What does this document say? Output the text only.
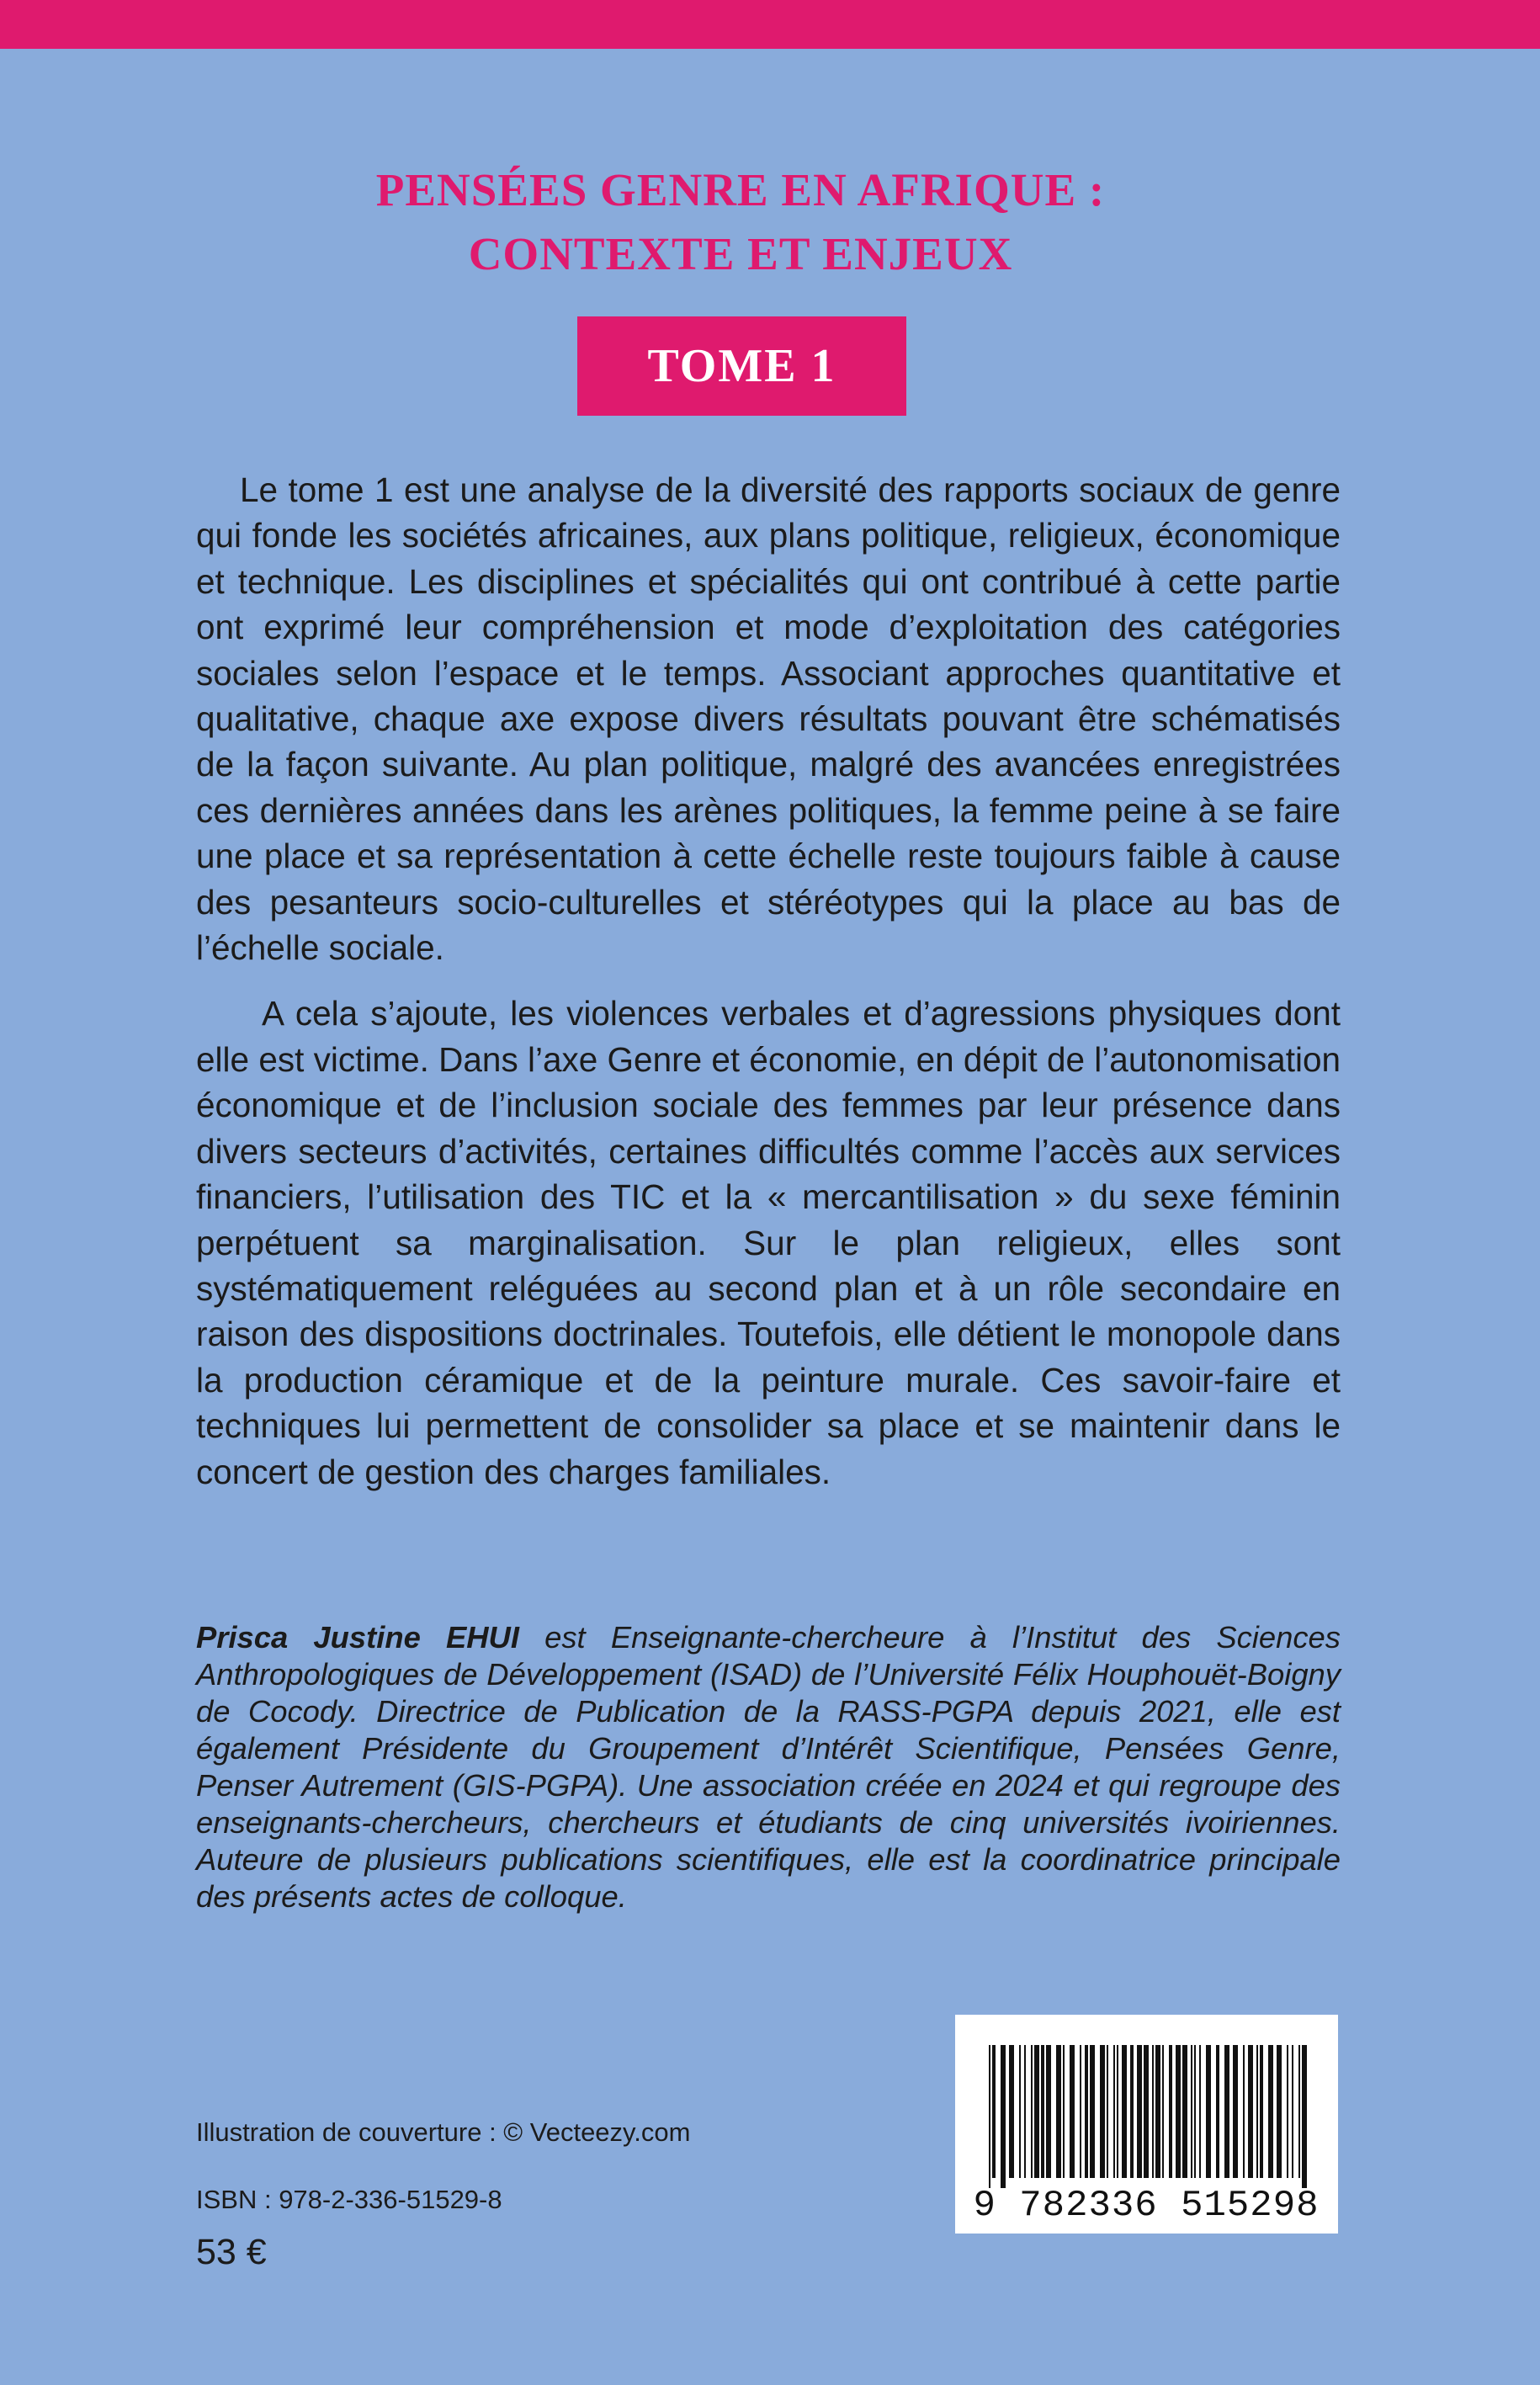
PENSÉES GENRE EN AFRIQUE :
CONTEXTE ET ENJEUX
TOME 1

Le tome 1 est une analyse de la diversité des rapports sociaux de genre qui fonde les sociétés africaines, aux plans politique, religieux, économique et technique. Les disciplines et spécialités qui ont contribué à cette partie ont exprimé leur compréhension et mode d’exploitation des catégories sociales selon l’espace et le temps. Associant approches quantitative et qualitative, chaque axe expose divers résultats pouvant être schématisés de la façon suivante. Au plan politique, malgré des avancées enregistrées ces dernières années dans les arènes politiques, la femme peine à se faire une place et sa représentation à cette échelle reste toujours faible à cause des pesanteurs socio-culturelles et stéréotypes qui la place au bas de l’échelle sociale.

A cela s’ajoute, les violences verbales et d’agressions physiques dont elle est victime. Dans l’axe Genre et économie, en dépit de l’autonomisation économique et de l’inclusion sociale des femmes par leur présence dans divers secteurs d’activités, certaines difficultés comme l’accès aux services financiers, l’utilisation des TIC et la « mercantilisation » du sexe féminin perpétuent sa marginalisation. Sur le plan religieux, elles sont systématiquement reléguées au second plan et à un rôle secondaire en raison des dispositions doctrinales. Toutefois, elle détient le monopole dans la production céramique et de la peinture murale. Ces savoir-faire et techniques lui permettent de consolider sa place et se maintenir dans le concert de gestion des charges familiales.

Prisca Justine EHUI est Enseignante-chercheure à l’Institut des Sciences Anthropologiques de Développement (ISAD) de l’Université Félix Houphouët-Boigny de Cocody. Directrice de Publication de la RASS-PGPA depuis 2021, elle est également Présidente du Groupement d’Intérêt Scientifique, Pensées Genre, Penser Autrement (GIS-PGPA). Une association créée en 2024 et qui regroupe des enseignants-chercheurs, chercheurs et étudiants de cinq universités ivoiriennes. Auteure de plusieurs publications scientifiques, elle est la coordinatrice principale des présents actes de colloque.

Illustration de couverture : © Vecteezy.com

ISBN : 978-2-336-51529-8

53 €

9 782336 515298
